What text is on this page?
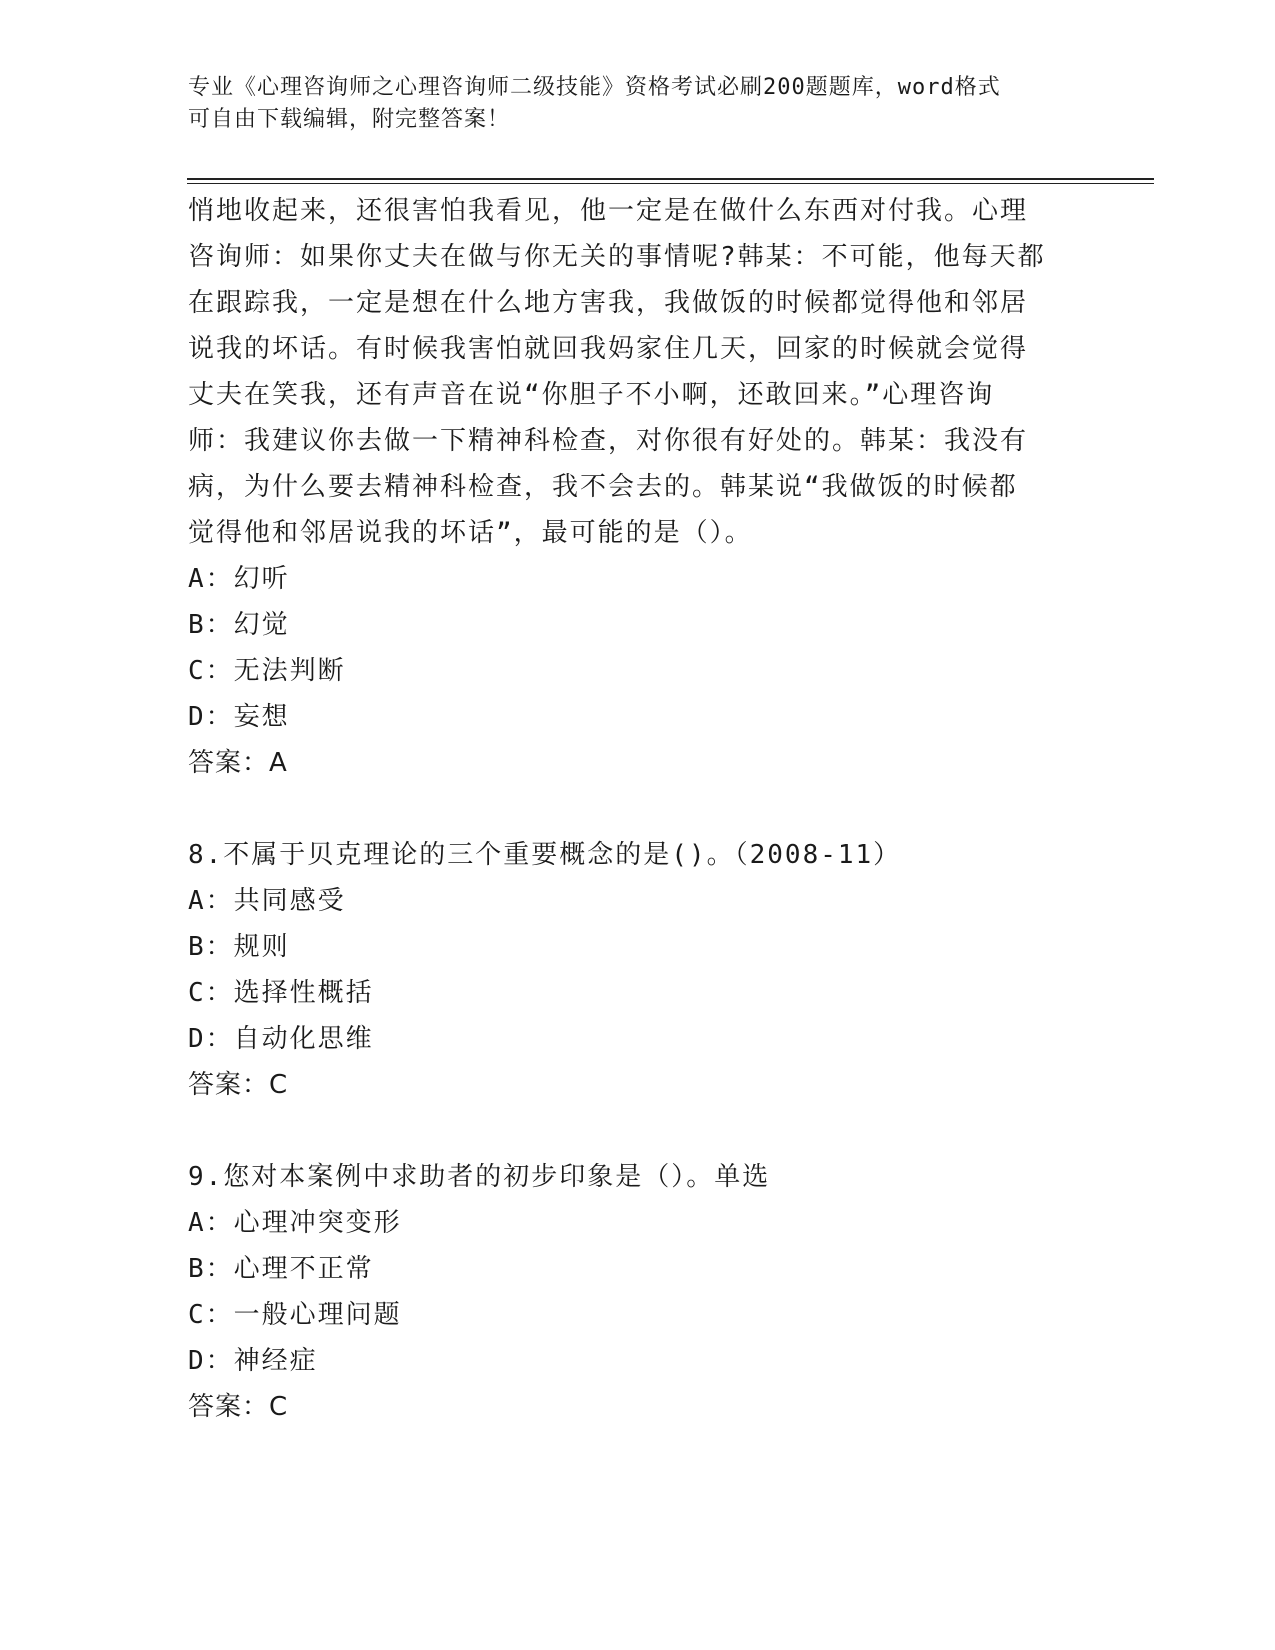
专业《心理咨询师之心理咨询师二级技能》资格考试必刷200题题库，word格式
可自由下载编辑，附完整答案！

悄地收起来，还很害怕我看见，他一定是在做什么东西对付我。心理

咨询师：如果你丈夫在做与你无关的事情呢?韩某：不可能，他每天都

在跟踪我，一定是想在什么地方害我，我做饭的时候都觉得他和邻居

说我的坏话。有时候我害怕就回我妈家住几天，回家的时候就会觉得

丈夫在笑我，还有声音在说“你胆子不小啊，还敢回来。”心理咨询

师：我建议你去做一下精神科检查，对你很有好处的。韩某：我没有

病，为什么要去精神科检查，我不会去的。韩某说“我做饭的时候都

觉得他和邻居说我的坏话”，最可能的是（）。

A：幻听

B：幻觉

C：无法判断

D：妄想

答案：A

8.不属于贝克理论的三个重要概念的是()。（2008-11）

A：共同感受

B：规则

C：选择性概括

D：自动化思维

答案：C

9.您对本案例中求助者的初步印象是（）。单选

A：心理冲突变形

B：心理不正常

C：一般心理问题

D：神经症

答案：C
